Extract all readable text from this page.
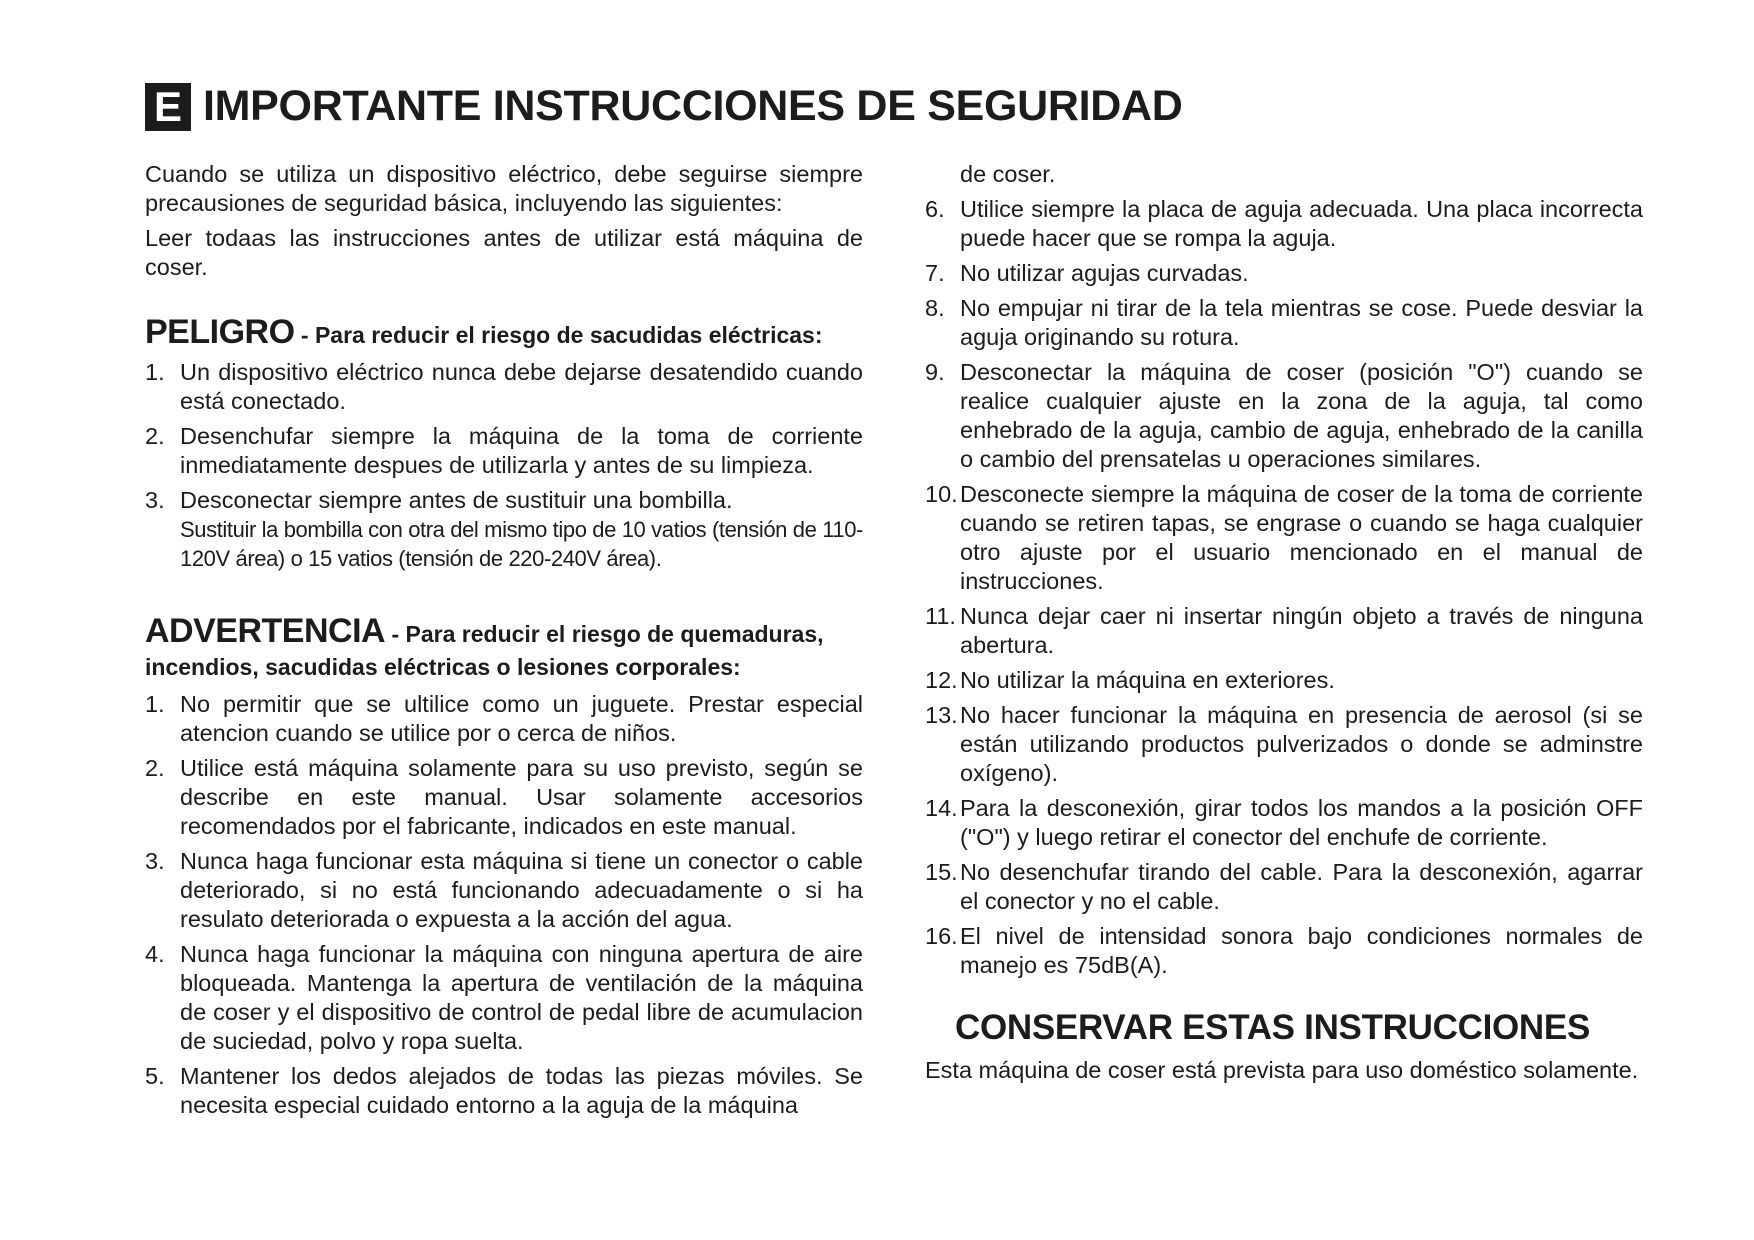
E IMPORTANTE INSTRUCCIONES DE SEGURIDAD

Cuando se utiliza un dispositivo eléctrico, debe seguirse siempre precausiones de seguridad básica, incluyendo las siguientes:

Leer todaas las instrucciones antes de utilizar está máquina de coser.

PELIGRO - Para reducir el riesgo de sacudidas eléctricas:
1. Un dispositivo eléctrico nunca debe dejarse desatendido cuando está conectado.
2. Desenchufar siempre la máquina de la toma de corriente inmediatamente despues de utilizarla y antes de su limpieza.
3. Desconectar siempre antes de sustituir una bombilla.
Sustituir la bombilla con otra del mismo tipo de 10 vatios (tensión de 110-120V área) o 15 vatios (tensión de 220-240V área).
ADVERTENCIA - Para reducir el riesgo de quemaduras, incendios, sacudidas eléctricas o lesiones corporales:
1. No permitir que se ultilice como un juguete. Prestar especial atencion cuando se utilice por o cerca de niños.
2. Utilice está máquina solamente para su uso previsto, según se describe en este manual. Usar solamente accesorios recomendados por el fabricante, indicados en este manual.
3. Nunca haga funcionar esta máquina si tiene un conector o cable deteriorado, si no está funcionando adecuadamente o si ha resulato deteriorada o expuesta a la acción del agua.
4. Nunca haga funcionar la máquina con ninguna apertura de aire bloqueada. Mantenga la apertura de ventilación de la máquina de coser y el dispositivo de control de pedal libre de acumulacion de suciedad, polvo y ropa suelta.
5. Mantener los dedos alejados de todas las piezas móviles. Se necesita especial cuidado entorno a la aguja de la máquina
de coser.
6. Utilice siempre la placa de aguja adecuada. Una placa incorrecta puede hacer que se rompa la aguja.
7. No utilizar agujas curvadas.
8. No empujar ni tirar de la tela mientras se cose. Puede desviar la aguja originando su rotura.
9. Desconectar la máquina de coser (posición "O") cuando se realice cualquier ajuste en la zona de la aguja, tal como enhebrado de la aguja, cambio de aguja, enhebrado de la canilla o cambio del prensatelas u operaciones similares.
10. Desconecte siempre la máquina de coser de la toma de corriente cuando se retiren tapas, se engrase o cuando se haga cualquier otro ajuste por el usuario mencionado en el manual de instrucciones.
11. Nunca dejar caer ni insertar ningún objeto a través de ninguna abertura.
12. No utilizar la máquina en exteriores.
13. No hacer funcionar la máquina en presencia de aerosol (si se están utilizando productos pulverizados o donde se adminstre oxígeno).
14. Para la desconexión, girar todos los mandos a la posición OFF ("O") y luego retirar el conector del enchufe de corriente.
15. No desenchufar tirando del cable. Para la desconexión, agarrar el conector y no el cable.
16. El nivel de intensidad sonora bajo condiciones normales de manejo es 75dB(A).
CONSERVAR ESTAS INSTRUCCIONES

Esta máquina de coser está prevista para uso doméstico solamente.
